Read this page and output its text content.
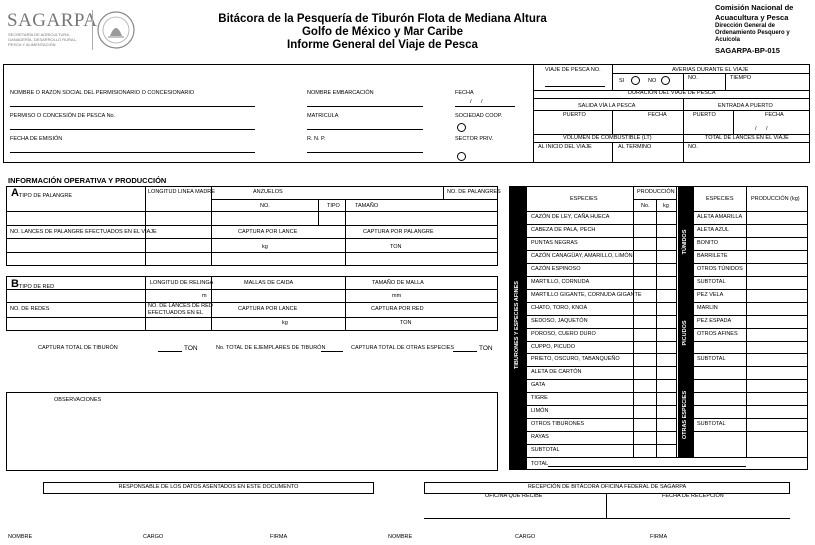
SAGARPA
SECRETARÍA DE AGRICULTURA,
GANADERÍA, DESARROLLO RURAL,
PESCA Y ALIMENTACIÓN
Bitácora de la Pesquería de Tiburón Flota de Mediana Altura
Golfo de México y Mar Caribe
Informe General del Viaje de Pesca
Comisión Nacional de
Acuacultura y Pesca
Dirección General de
Ordenamiento Pesquero y
Acuícola
SAGARPA-BP-015
NOMBRE O RAZON SOCIAL DEL PERMISIONARIO O CONCESIONARIO
PERMISO O CONCESIÓN DE PESCA No.
FECHA DE EMISIÓN
NOMBRE EMBARCACIÓN
MATRICULA
R. N. P.
FECHA
/ /
SOCIEDAD COOP.
SECTOR PRIV.
VIAJE DE PESCA NO.	AVERIAS DURANTE EL VIAJE
SI	NO	NO.	TIEMPO
DURACIÓN DEL VIAJE DE PESCA
SALIDA VÍA LA PESCA	ENTRADA A PUERTO
PUERTO	FECHA	PUERTO	FECHA
/ /
VOLUMEN DE COMBUSTIBLE (LT)	TOTAL DE LANCES EN EL VIAJE
AL INICIO DEL VIAJE	AL TERMINO	NO.
INFORMACIÓN OPERATIVA Y PRODUCCIÓN
A TIPO DE PALANGRE
LONGITUD LINEA MADRE	ANZUELOS	NO. DE PALANGRES
NO.	TIPO	TAMAÑO
NO. LANCES DE PALANGRE EFECTUADOS EN EL VIAJE	CAPTURA POR LANCE	CAPTURA POR PALANGRE
kg	TON
B TIPO DE RED
LONGITUD DE RELINGA	MALLAS DE CAIDA	TAMAÑO DE MALLA
m	mm
NO. DE REDES	NO. DE LANCES DE RED
EFECTUADOS EN EL
CAPTURA POR LANCE	CAPTURA POR RED
kg	TON
CAPTURA TOTAL DE TIBURÓN	TON	No. TOTAL DE EJEMPLARES DE TIBURÓN	CAPTURA TOTAL DE OTRAS ESPECIES	TON
OBSERVACIONES
TIBURONES Y ESPECIES AFINES
ESPECIES
PRODUCCIÓN
No. kg
CAZÓN DE LEY, CAÑA HUECA
CABEZA DE PALA, PECH
PUNTAS NEGRAS
CAZÓN CANAGÜAY, AMARILLO, LIMÓN
CAZÓN ESPINOSO
MARTILLO, CORNUDA
MARTILLO GIGANTE, CORNUDA GIGANTE
CHATO, TORO, KNOA
SEDOSO, JAQUETÓN
POROSO, CUERO DURO
CUPPO, PICUDO
PRIETO, OSCURO, TABANQUEÑO
ALETA DE CARTÓN
GATA
TIGRE
LIMÓN
OTROS TIBURONES
RAYAS
SUBTOTAL
TOTAL
TÚNIDOS
PICUDOS
OTRAS ESPECIES
ESPECIES	PRODUCCIÓN (kg)
ALETA AMARILLA
ALETA AZUL
BONITO
BARRILETE
OTROS TÚNIDOS
SUBTOTAL
PEZ VELA
MARLIN
PEZ ESPADA
OTROS AFINES
SUBTOTAL
SUBTOTAL
RESPONSABLE DE LOS DATOS ASENTADOS EN ESTE DOCUMENTO	RECEPCIÓN DE BITÁCORA OFICINA FEDERAL DE SAGARPA
OFICINA QUE RECIBE	FECHA DE RECEPCIÓN
NOMBRE	CARGO	FIRMA	NOMBRE	CARGO	FIRMA
